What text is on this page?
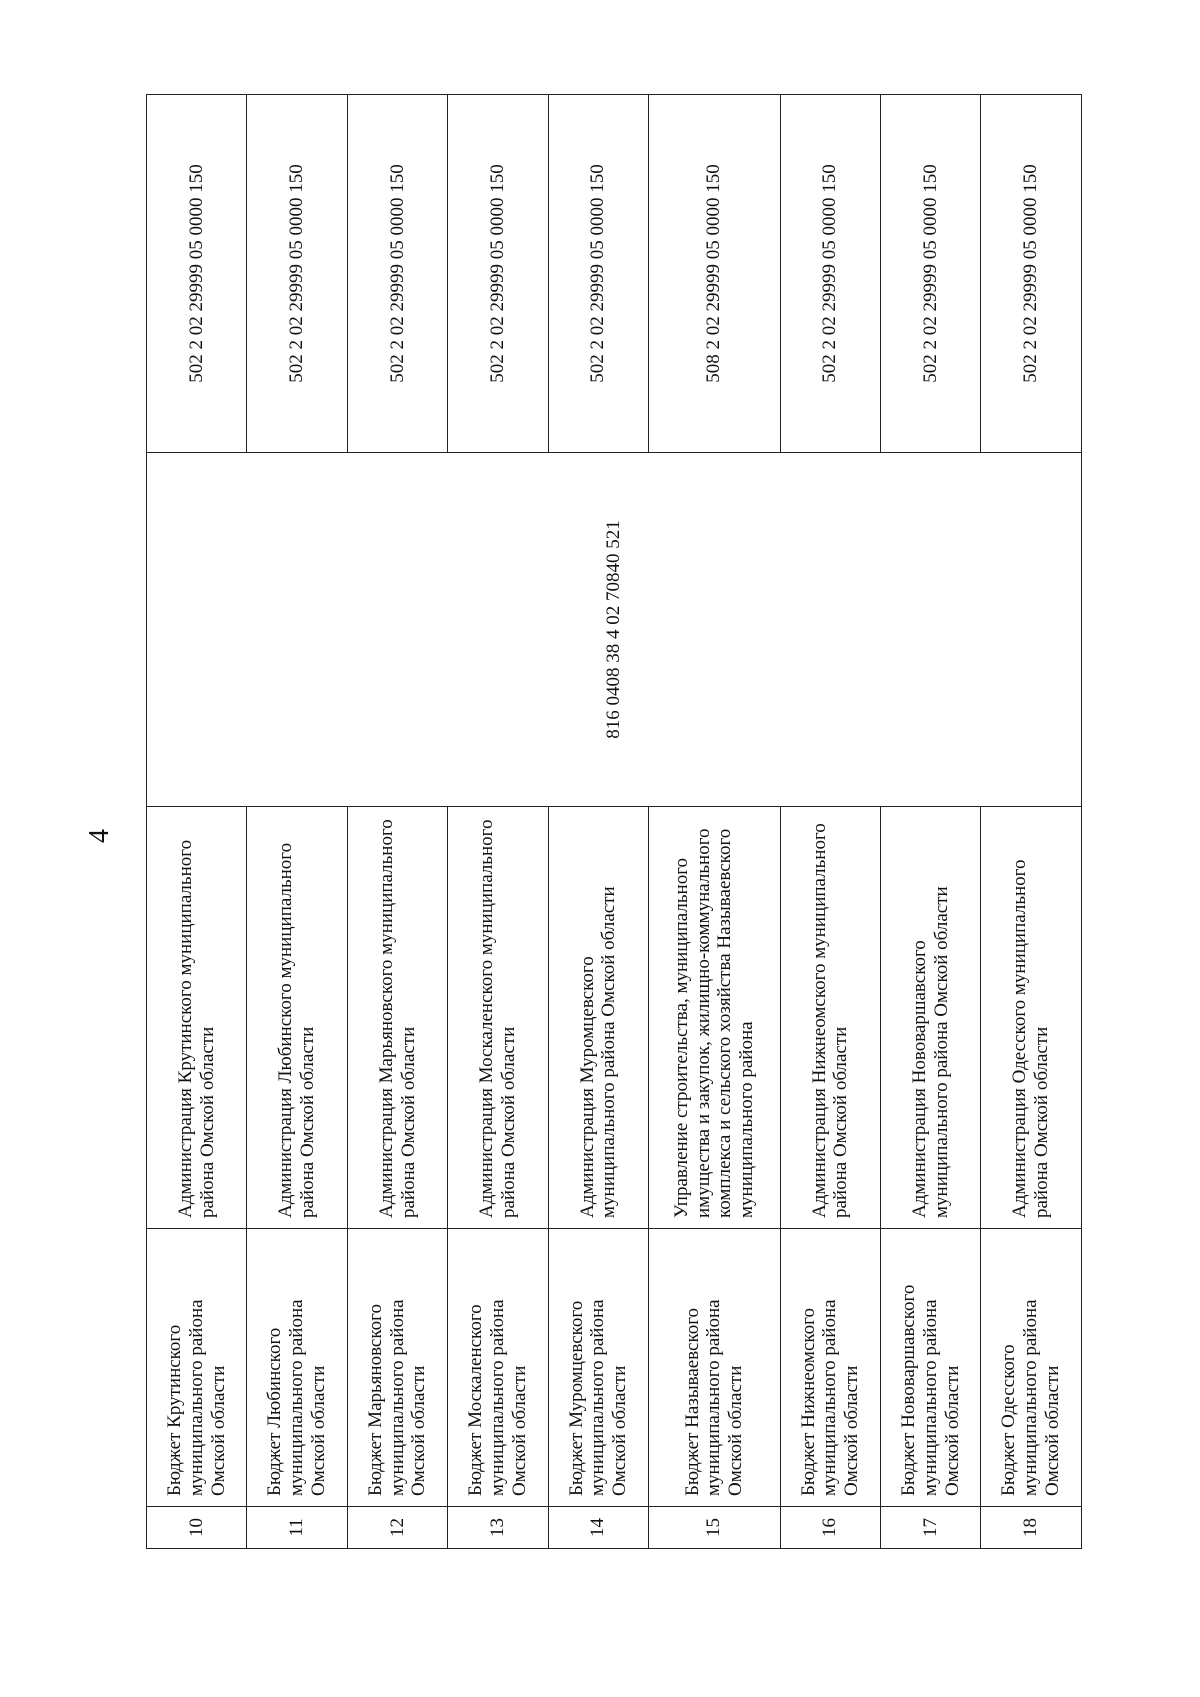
4
10	Бюджет Крутинского муниципального района Омской области	Администрация Крутинского муниципального района Омской области	816 0408 38 4 02 70840 521	502 2 02 29999 05 0000 150
11	Бюджет Любинского муниципального района Омской области	Администрация Любинского муниципального района Омской области		502 2 02 29999 05 0000 150
12	Бюджет Марьяновского муниципального района Омской области	Администрация Марьяновского муниципального района Омской области		502 2 02 29999 05 0000 150
13	Бюджет Москаленского муниципального района Омской области	Администрация Москаленского муниципального района Омской области		502 2 02 29999 05 0000 150
14	Бюджет Муромцевского муниципального района Омской области	Администрация Муромцевского муниципального района Омской области		502 2 02 29999 05 0000 150
15	Бюджет Называевского муниципального района Омской области	Управление строительства, муниципального имущества и закупок, жилищно-коммунального комплекса и сельского хозяйства Называевского муниципального района		508 2 02 29999 05 0000 150
16	Бюджет Нижнеомского муниципального района Омской области	Администрация Нижнеомского муниципального района Омской области		502 2 02 29999 05 0000 150
17	Бюджет Нововаршавского муниципального района Омской области	Администрация Нововаршавского муниципального района Омской области		502 2 02 29999 05 0000 150
18	Бюджет Одесского муниципального района Омской области	Администрация Одесского муниципального района Омской области		502 2 02 29999 05 0000 150
